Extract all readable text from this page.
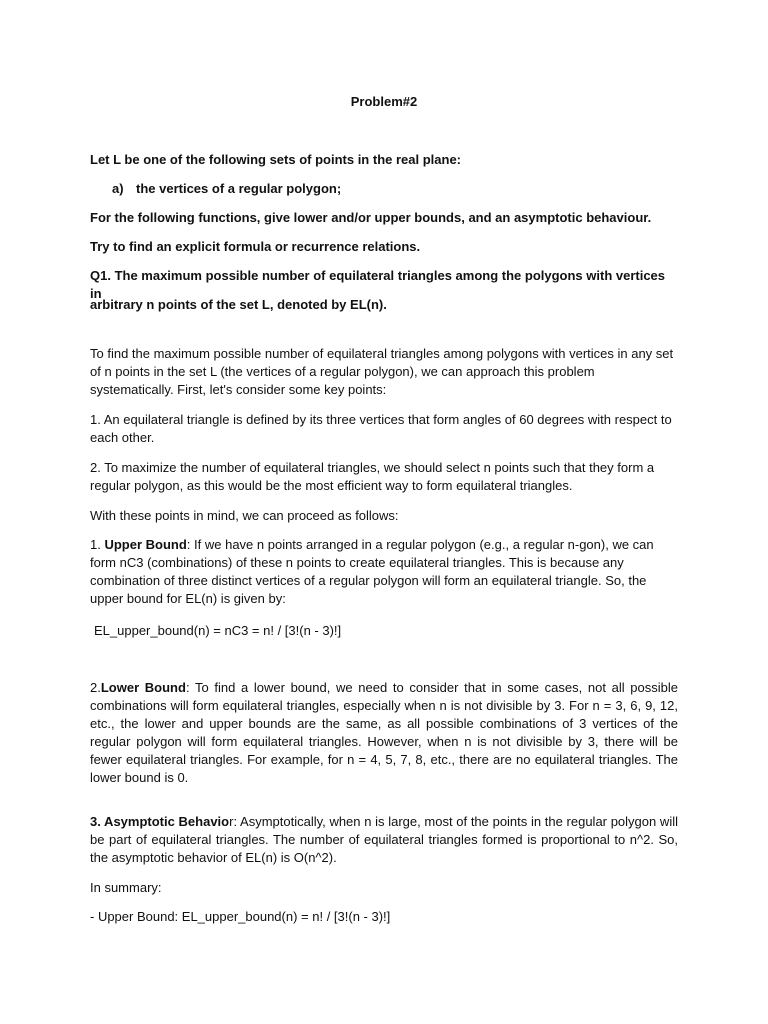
Problem#2

Let L be one of the following sets of points in the real plane:

a) the vertices of a regular polygon;

For the following functions, give lower and/or upper bounds, and an asymptotic behaviour.

Try to find an explicit formula or recurrence relations.

Q1. The maximum possible number of equilateral triangles among the polygons with vertices in

arbitrary n points of the set L, denoted by EL(n).

To find the maximum possible number of equilateral triangles among polygons with vertices in any set of n points in the set L (the vertices of a regular polygon), we can approach this problem systematically. First, let's consider some key points:

1. An equilateral triangle is defined by its three vertices that form angles of 60 degrees with respect to each other.

2. To maximize the number of equilateral triangles, we should select n points such that they form a regular polygon, as this would be the most efficient way to form equilateral triangles.

With these points in mind, we can proceed as follows:

1. Upper Bound: If we have n points arranged in a regular polygon (e.g., a regular n-gon), we can form nC3 (combinations) of these n points to create equilateral triangles. This is because any combination of three distinct vertices of a regular polygon will form an equilateral triangle. So, the upper bound for EL(n) is given by:

EL_upper_bound(n) = nC3 = n! / [3!(n - 3)!]

2.Lower Bound: To find a lower bound, we need to consider that in some cases, not all possible combinations will form equilateral triangles, especially when n is not divisible by 3. For n = 3, 6, 9, 12, etc., the lower and upper bounds are the same, as all possible combinations of 3 vertices of the regular polygon will form equilateral triangles. However, when n is not divisible by 3, there will be fewer equilateral triangles. For example, for n = 4, 5, 7, 8, etc., there are no equilateral triangles. The lower bound is 0.

3. Asymptotic Behavior: Asymptotically, when n is large, most of the points in the regular polygon will be part of equilateral triangles. The number of equilateral triangles formed is proportional to n^2. So, the asymptotic behavior of EL(n) is O(n^2).

In summary:

- Upper Bound: EL_upper_bound(n) = n! / [3!(n - 3)!]
